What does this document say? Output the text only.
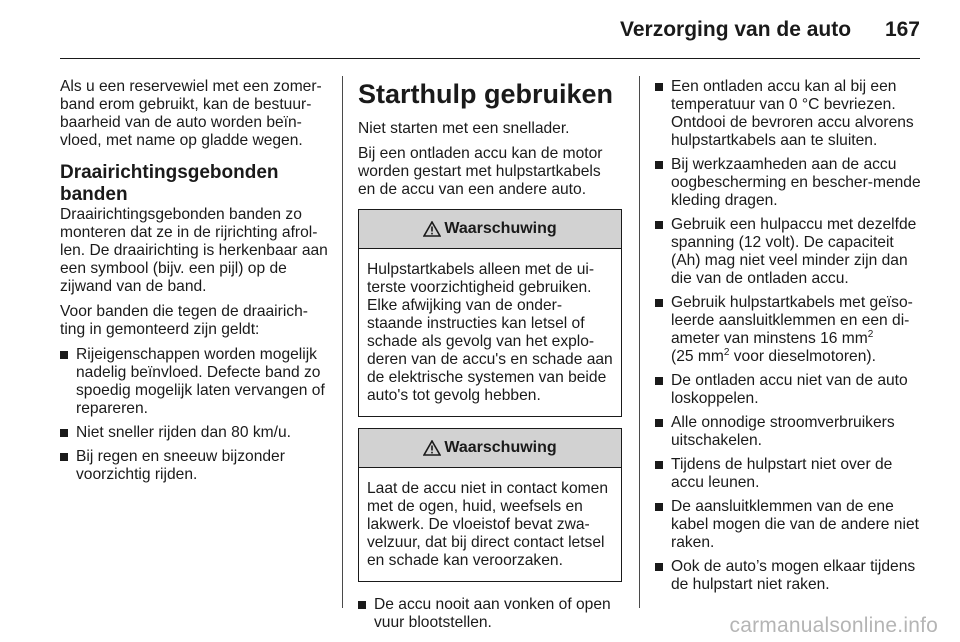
Verzorging van de auto 167

Als u een reservewiel met een zomer-band erom gebruikt, kan de bestuur-baarheid van de auto worden beïn-vloed, met name op gladde wegen.

Draairichtingsgebonden banden

Draairichtingsgebonden banden zo monteren dat ze in de rijrichting afrol-len. De draairichting is herkenbaar aan een symbool (bijv. een pijl) op de zijwand van de band.

Voor banden die tegen de draairich-ting in gemonteerd zijn geldt:

Rijeigenschappen worden mogelijk nadelig beïnvloed. Defecte band zo spoedig mogelijk laten vervangen of repareren.
Niet sneller rijden dan 80 km/u.
Bij regen en sneeuw bijzonder voorzichtig rijden.
Starthulp gebruiken

Niet starten met een snellader.

Bij een ontladen accu kan de motor worden gestart met hulpstartkabels en de accu van een andere auto.

Waarschuwing
Hulpstartkabels alleen met de ui-terste voorzichtigheid gebruiken. Elke afwijking van de onder-staande instructies kan letsel of schade als gevolg van het explo-deren van de accu's en schade aan de elektrische systemen van beide auto's tot gevolg hebben.
Waarschuwing
Laat de accu niet in contact komen met de ogen, huid, weefsels en lakwerk. De vloeistof bevat zwa-velzuur, dat bij direct contact letsel en schade kan veroorzaken.
De accu nooit aan vonken of open vuur blootstellen.
Een ontladen accu kan al bij een temperatuur van 0 °C bevriezen. Ontdooi de bevroren accu alvorens hulpstartkabels aan te sluiten.
Bij werkzaamheden aan de accu oogbescherming en bescher-mende kleding dragen.
Gebruik een hulpaccu met dezelfde spanning (12 volt). De capaciteit (Ah) mag niet veel minder zijn dan die van de ontladen accu.
Gebruik hulpstartkabels met geïso-leerde aansluitklemmen en een di-ameter van minstens 16 $mm^2$
(25 $mm^2$ voor dieselmotoren).
De ontladen accu niet van de auto loskoppelen.
Alle onnodige stroomverbruikers uitschakelen.
Tijdens de hulpstart niet over de accu leunen.
De aansluitklemmen van de ene kabel mogen die van de andere niet raken.
Ook de auto’s mogen elkaar tijdens de hulpstart niet raken.
carmanualsonline.info
